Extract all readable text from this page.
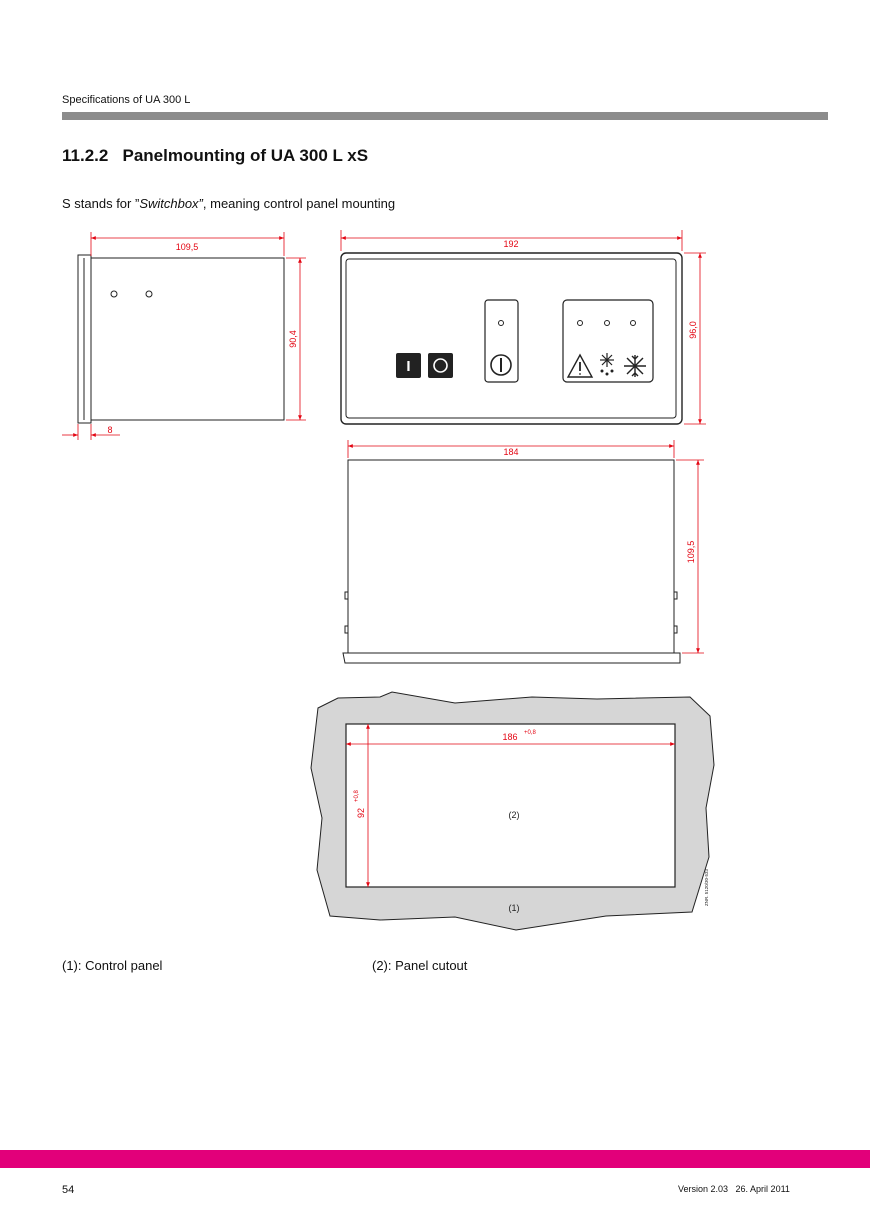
Specifications of UA 300 L
11.2.2 Panelmounting of UA 300 L xS
S stands for ”Switchbox”, meaning control panel mounting
109,5
90,4
8
I
192
96,0
184
109,5
186 +0,8
92
+0,8
(2)
(1)
ZNR. 5120/30-533
(1): Control panel	(2): Panel cutout
54	Version 2.03   26. April 2011
